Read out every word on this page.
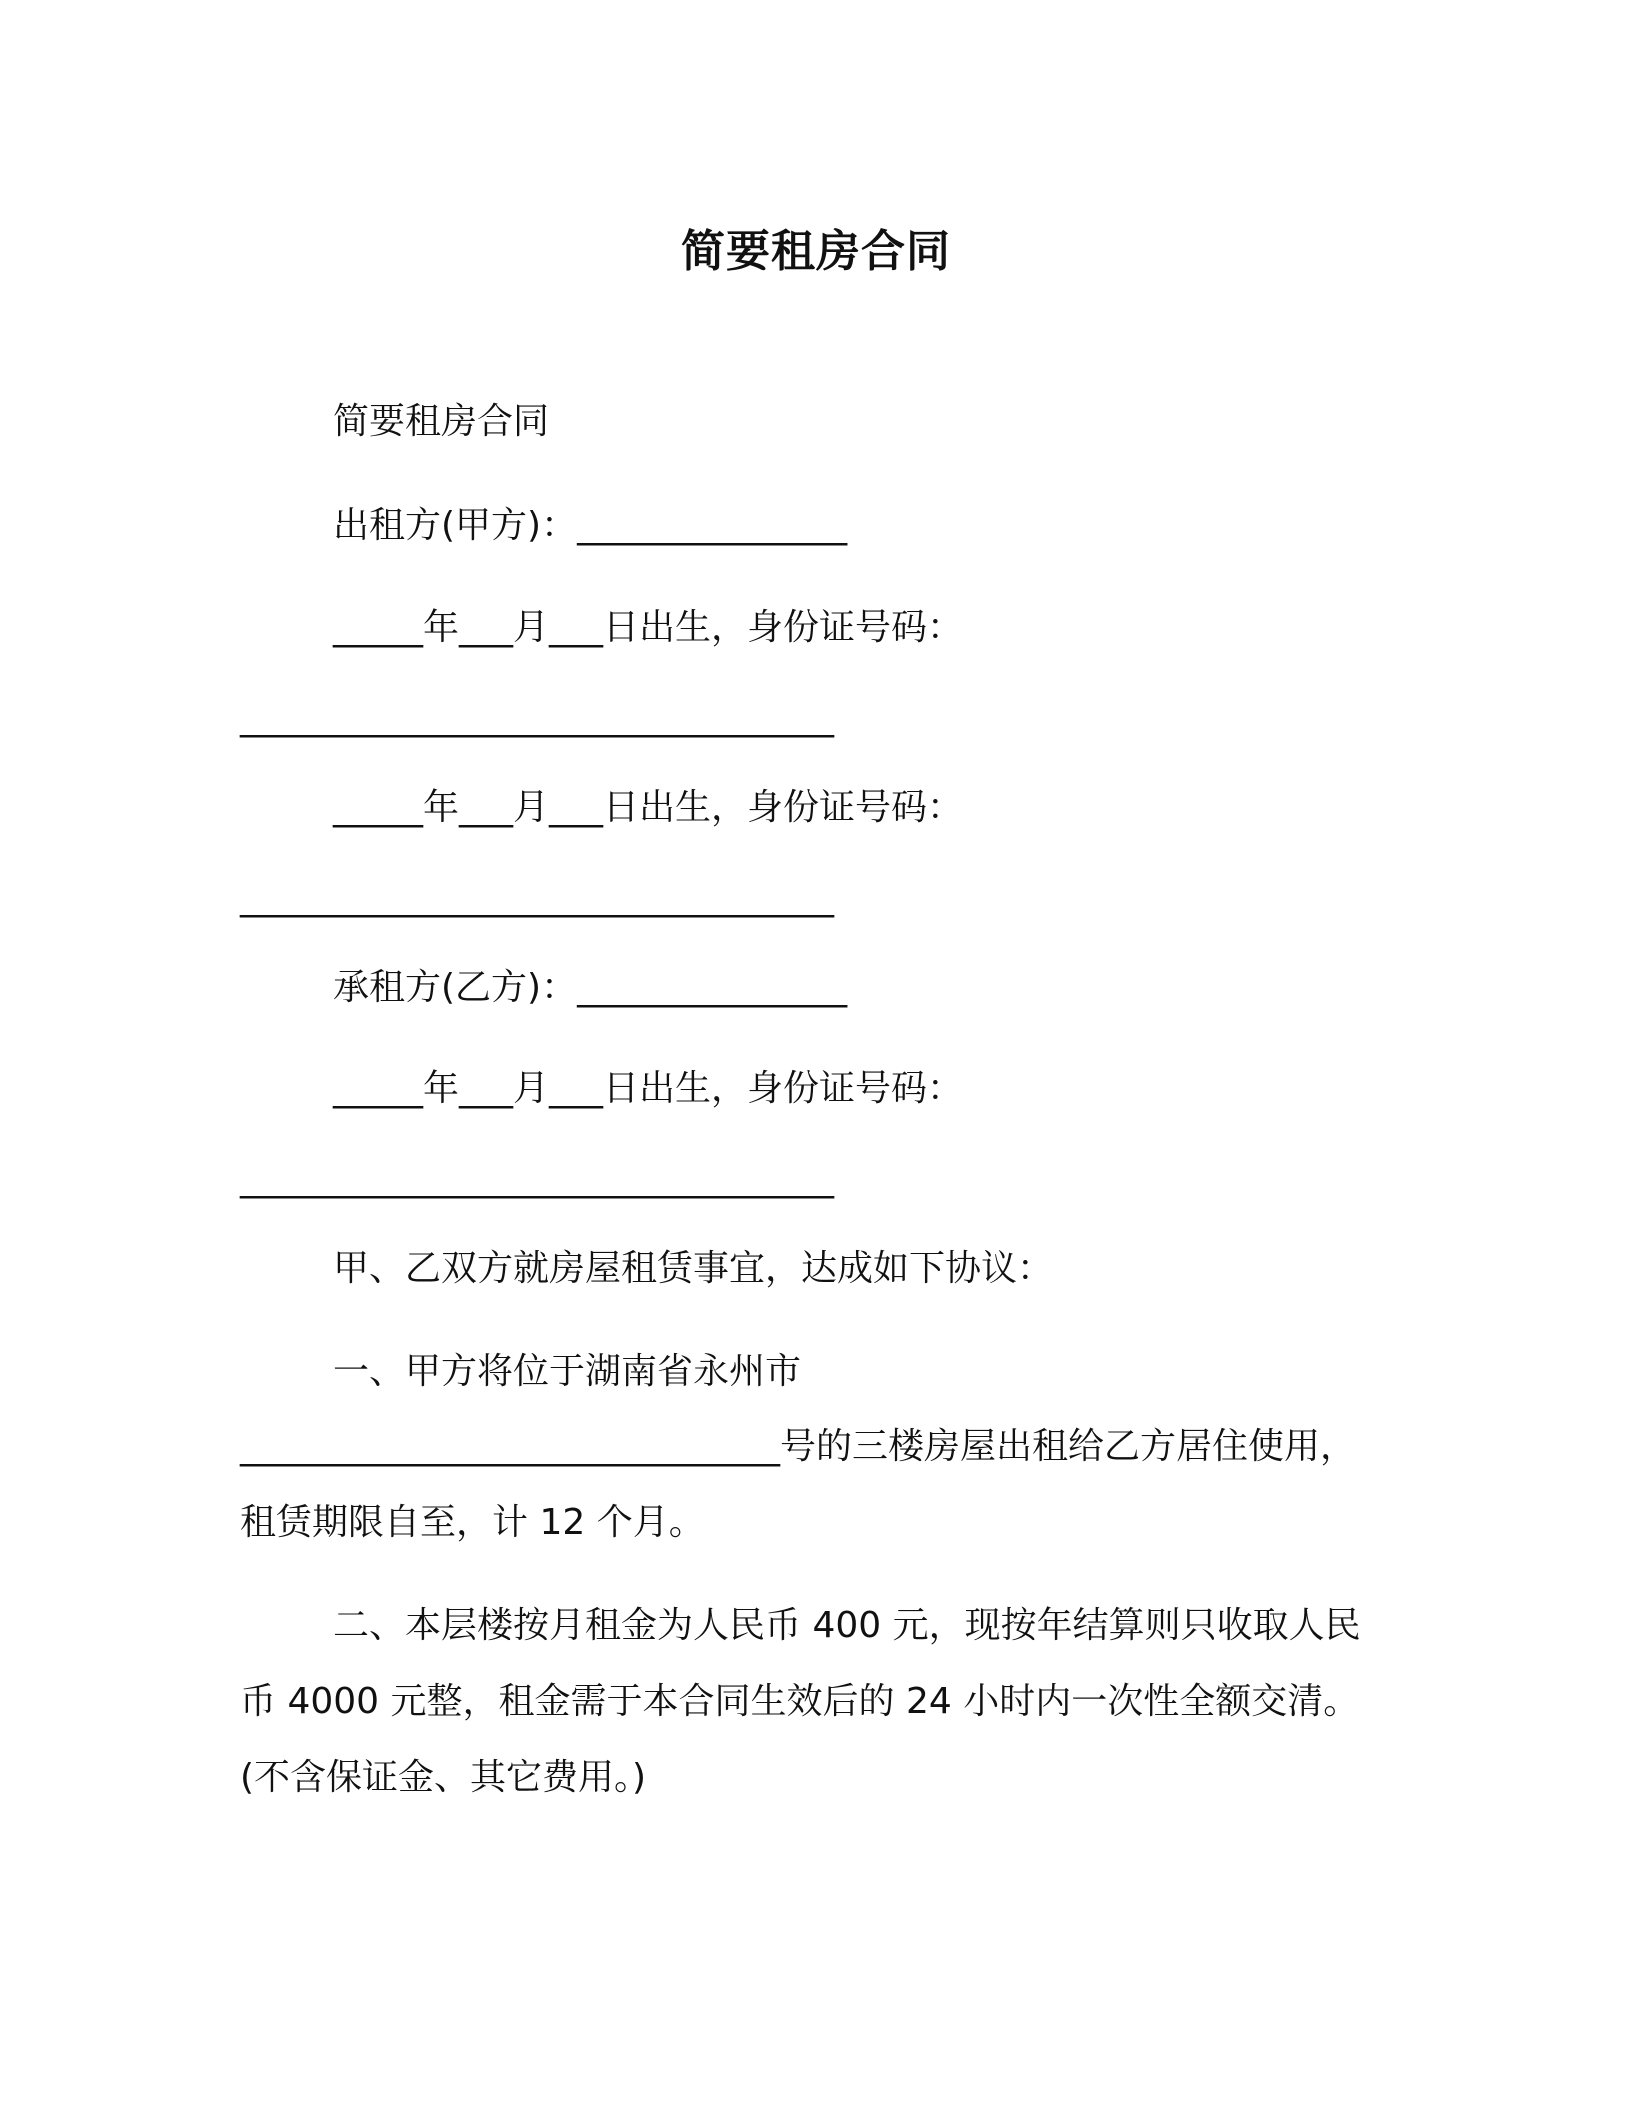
简要租房合同
简要租房合同
出租方(甲方)：_______________
_____年___月___日出生，身份证号码：
_________________________________
_____年___月___日出生，身份证号码：
_________________________________
承租方(乙方)：_______________
_____年___月___日出生，身份证号码：
_________________________________
甲、乙双方就房屋租赁事宜，达成如下协议：
一、甲方将位于湖南省永州市
______________________________号的三楼房屋出租给乙方居住使用，
租赁期限自至，计 12 个月。
二、本层楼按月租金为人民币 400 元，现按年结算则只收取人民
币 4000 元整，租金需于本合同生效后的 24 小时内一次性全额交清。
(不含保证金、其它费用。)
